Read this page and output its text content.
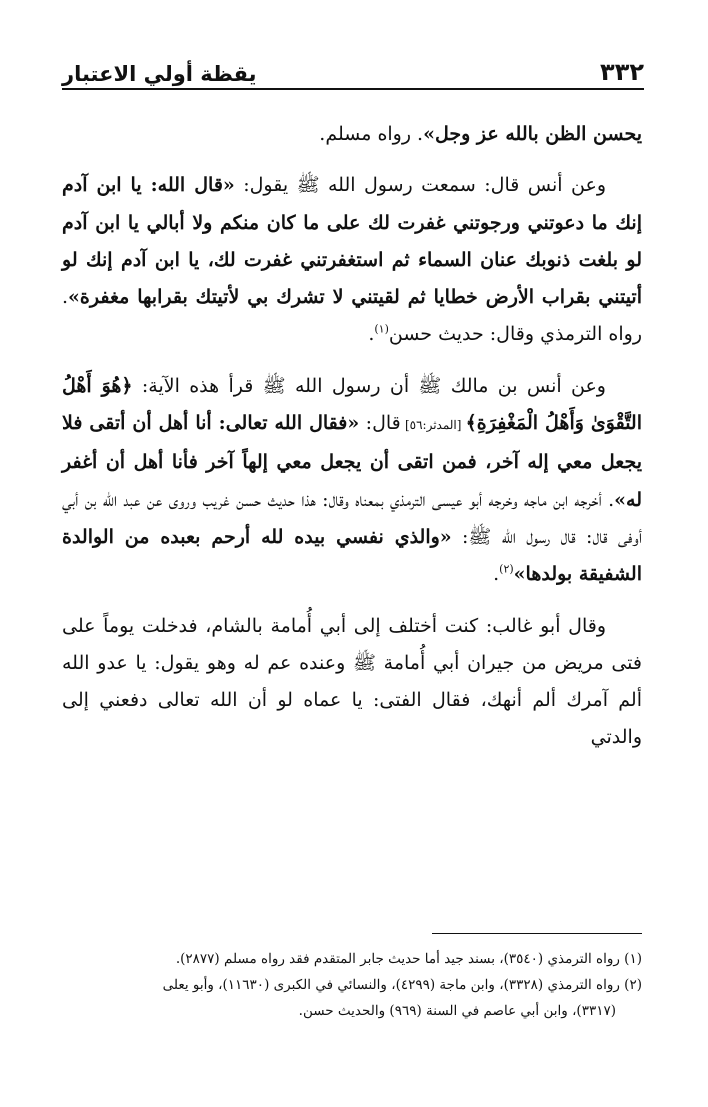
٣٣٢
يقظة أولي الاعتبار

يحسن الظن بالله عز وجل». رواه مسلم.

وعن أنس قال: سمعت رسول الله ﷺ يقول: «قال الله: يا ابن آدم إنك ما دعوتني ورجوتني غفرت لك على ما كان منكم ولا أبالي يا ابن آدم لو بلغت ذنوبك عنان السماء ثم استغفرتني غفرت لك، يا ابن آدم إنك لو أتيتني بقراب الأرض خطايا ثم لقيتني لا تشرك بي لأتيتك بقرابها مغفرة». رواه الترمذي وقال: حديث حسن$^{(١)}$.

وعن أنس بن مالك ﷺ أن رسول الله ﷺ قرأ هذه الآية: ﴿هُوَ أَهْلُ التَّقْوَىٰ وَأَهْلُ الْمَغْفِرَةِ﴾ [المدثر:٥٦] قال: «فقال الله تعالى: أنا أهل أن أتقى فلا يجعل معي إله آخر، فمن اتقى أن يجعل معي إلهاً آخر فأنا أهل أن أغفر له». أخرجه ابن ماجه وخرجه أبو عيسى الترمذي بمعناه وقال: هذا حديث حسن غريب وروى عن عبد الله بن أبي أوفى قال: قال رسول الله ﷺ: «والذي نفسي بيده لله أرحم بعبده من الوالدة الشفيقة بولدها»$^{(٢)}$.

وقال أبو غالب: كنت أختلف إلى أبي أُمامة بالشام، فدخلت يوماً على فتى مريض من جيران أبي أُمامة ﷺ وعنده عم له وهو يقول: يا عدو الله ألم آمرك ألم أنهك، فقال الفتى: يا عماه لو أن الله تعالى دفعني إلى والدتي

(١) رواه الترمذي (٣٥٤٠)، بسند جيد أما حديث جابر المتقدم فقد رواه مسلم (٢٨٧٧).

(٢) رواه الترمذي (٣٣٢٨)، وابن ماجة (٤٢٩٩)، والنسائي في الكبرى (١١٦٣٠)، وأبو يعلى

(٣٣١٧)، وابن أبي عاصم في السنة (٩٦٩) والحديث حسن.
